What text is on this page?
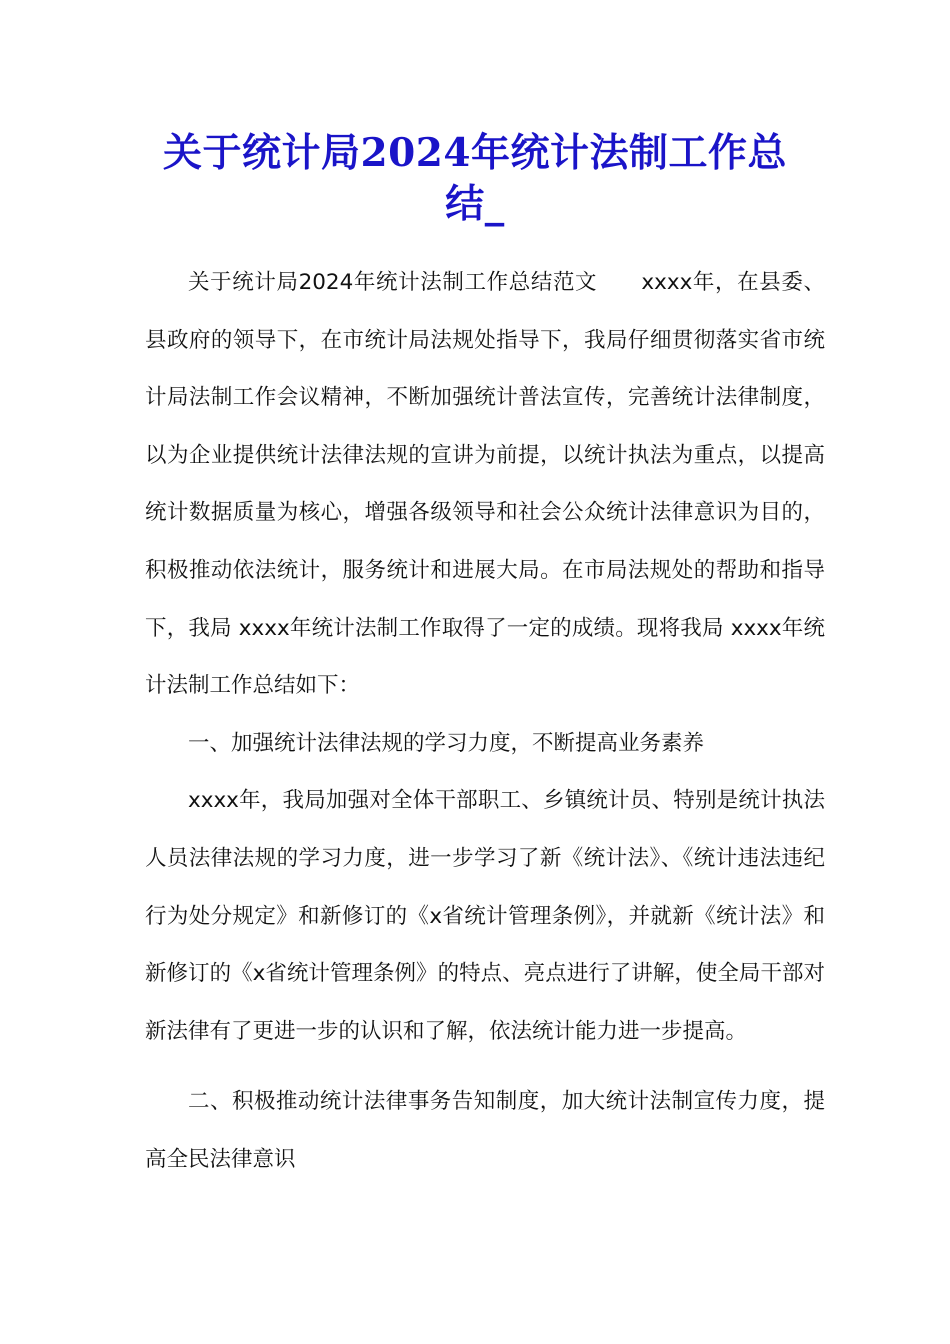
关于统计局2024年统计法制工作总
结_

关于统计局2024年统计法制工作总结范文　　xxxx年，在县委、县政府的领导下，在市统计局法规处指导下，我局仔细贯彻落实省市统计局法制工作会议精神，不断加强统计普法宣传，完善统计法律制度，以为企业提供统计法律法规的宣讲为前提，以统计执法为重点，以提高统计数据质量为核心，增强各级领导和社会公众统计法律意识为目的，积极推动依法统计，服务统计和进展大局。在市局法规处的帮助和指导下，我局 xxxx年统计法制工作取得了一定的成绩。现将我局 xxxx年统计法制工作总结如下：

一、加强统计法律法规的学习力度，不断提高业务素养

xxxx年，我局加强对全体干部职工、乡镇统计员、特别是统计执法人员法律法规的学习力度，进一步学习了新《统计法》、《统计违法违纪行为处分规定》和新修订的《x省统计管理条例》，并就新《统计法》和新修订的《x省统计管理条例》的特点、亮点进行了讲解，使全局干部对新法律有了更进一步的认识和了解，依法统计能力进一步提高。

二、积极推动统计法律事务告知制度，加大统计法制宣传力度，提高全民法律意识
